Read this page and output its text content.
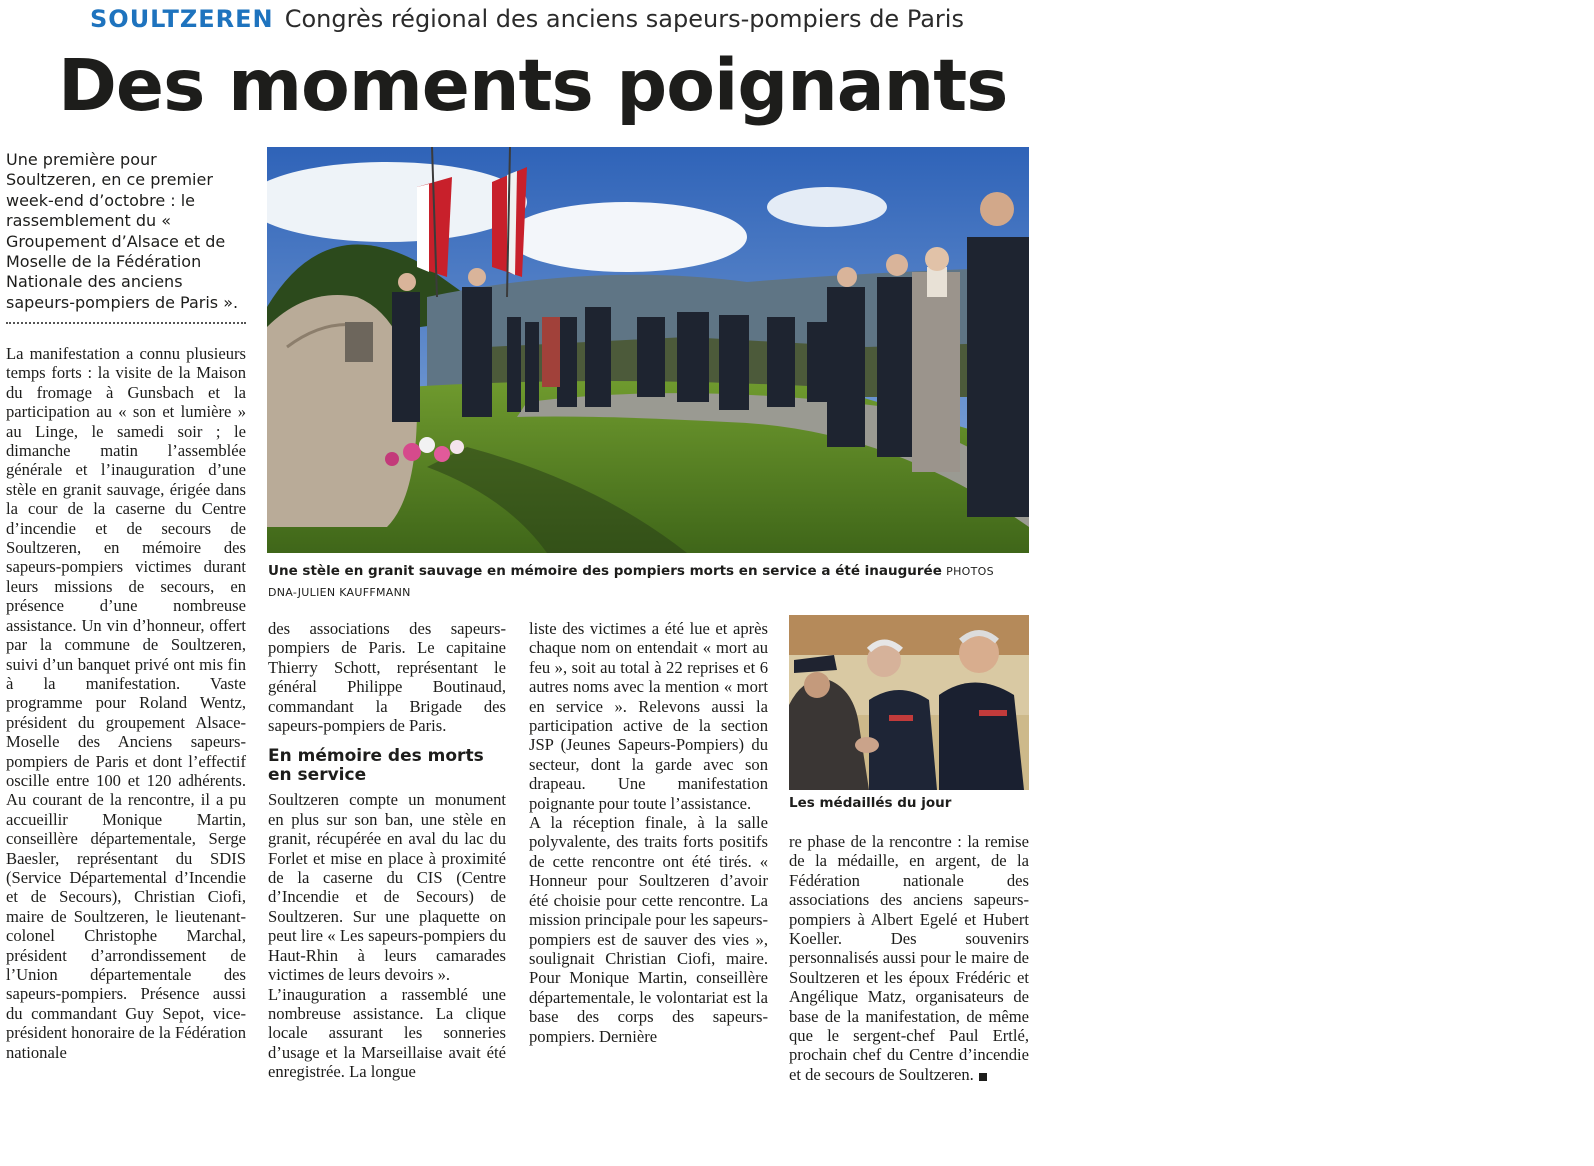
SOULTZEREN Congrès régional des anciens sapeurs-pompiers de Paris
Des moments poignants
Une première pour Soultzeren, en ce premier week-end d’octobre : le rassemblement du « Groupement d’Alsace et de Moselle de la Fédération Nationale des anciens sapeurs-pompiers de Paris ».

La manifestation a connu plusieurs temps forts : la visite de la Maison du fromage à Gunsbach et la participation au « son et lumière » au Linge, le samedi soir ; le dimanche matin l’assemblée générale et l’inauguration d’une stèle en granit sauvage, érigée dans la cour de la caserne du Centre d’incendie et de secours de Soultzeren, en mémoire des sapeurs-pompiers victimes durant leurs missions de secours, en présence d’une nombreuse assistance. Un vin d’honneur, offert par la commune de Soultzeren, suivi d’un banquet privé ont mis fin à la manifestation. Vaste programme pour Roland Wentz, président du groupement Alsace-Moselle des Anciens sapeurs-pompiers de Paris et dont l’effectif oscille entre 100 et 120 adhérents. Au courant de la rencontre, il a pu accueillir Monique Martin, conseillère départementale, Serge Baesler, représentant du SDIS (Service Départemental d’Incendie et de Secours), Christian Ciofi, maire de Soultzeren, le lieutenant-colonel Christophe Marchal, président d’arrondissement de l’Union départementale des sapeurs-pompiers. Présence aussi du commandant Guy Sepot, vice-président honoraire de la Fédération nationale

Une stèle en granit sauvage en mémoire des pompiers morts en service a été inaugurée PHOTOS
DNA-JULIEN KAUFFMANN

des associations des sapeurs-pompiers de Paris. Le capitaine Thierry Schott, représentant le général Philippe Boutinaud, commandant la Brigade des sapeurs-pompiers de Paris.

En mémoire des morts en service

Soultzeren compte un monument en plus sur son ban, une stèle en granit, récupérée en aval du lac du Forlet et mise en place à proximité de la caserne du CIS (Centre d’Incendie et de Secours) de Soultzeren. Sur une plaquette on peut lire « Les sapeurs-pompiers du Haut-Rhin à leurs camarades victimes de leurs devoirs ».

L’inauguration a rassemblé une nombreuse assistance. La clique locale assurant les sonneries d’usage et la Marseillaise avait été enregistrée. La longue

liste des victimes a été lue et après chaque nom on entendait « mort au feu », soit au total à 22 reprises et 6 autres noms avec la mention « mort en service ». Relevons aussi la participation active de la section JSP (Jeunes Sapeurs-Pompiers) du secteur, dont la garde avec son drapeau. Une manifestation poignante pour toute l’assistance.

A la réception finale, à la salle polyvalente, des traits forts positifs de cette rencontre ont été tirés. « Honneur pour Soultzeren d’avoir été choisie pour cette rencontre. La mission principale pour les sapeurs-pompiers est de sauver des vies », soulignait Christian Ciofi, maire. Pour Monique Martin, conseillère départementale, le volontariat est la base des corps des sapeurs-pompiers. Dernière

Les médaillés du jour

re phase de la rencontre : la remise de la médaille, en argent, de la Fédération nationale des associations des anciens sapeurs-pompiers à Albert Egelé et Hubert Koeller. Des souvenirs personnalisés aussi pour le maire de Soultzeren et les époux Frédéric et Angélique Matz, organisateurs de base de la manifestation, de même que le sergent-chef Paul Ertlé, prochain chef du Centre d’incendie et de secours de Soultzeren.
